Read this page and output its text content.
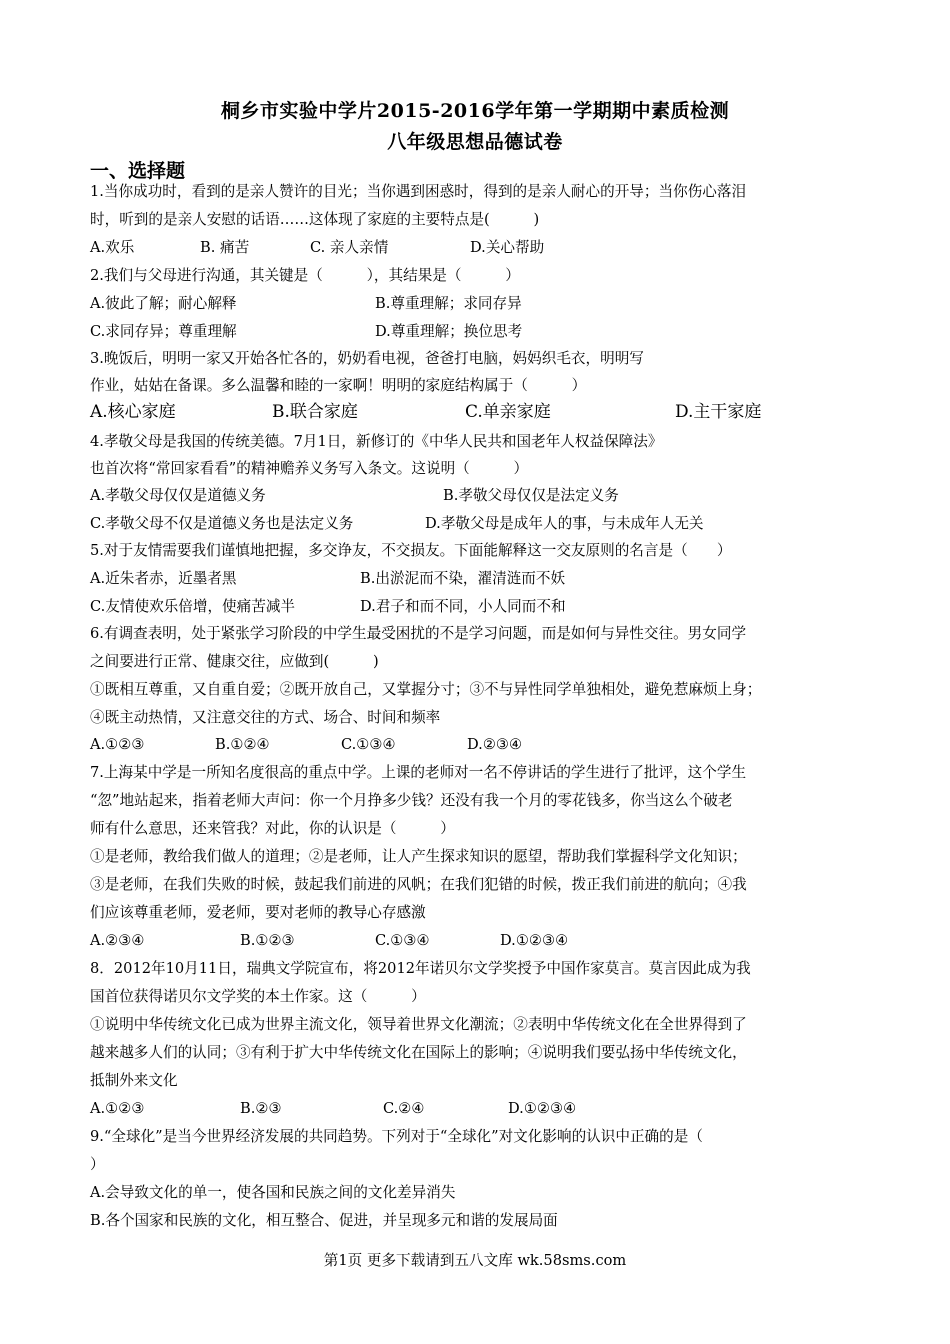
桐乡市实验中学片2015-2016学年第一学期期中素质检测
八年级思想品德试卷
一、选择题
1.当你成功时，看到的是亲人赞许的目光；当你遇到困惑时，得到的是亲人耐心的开导；当你伤心落泪
时，听到的是亲人安慰的话语……这体现了家庭的主要特点是(　　　)
A.欢乐	B. 痛苦	C. 亲人亲情	D.关心帮助
2.我们与父母进行沟通，其关键是（　　　），其结果是（　　　）
A.彼此了解；耐心解释	B.尊重理解；求同存异
C.求同存异；尊重理解	D.尊重理解；换位思考
3.晚饭后，明明一家又开始各忙各的，奶奶看电视，爸爸打电脑，妈妈织毛衣，明明写
作业，姑姑在备课。多么温馨和睦的一家啊！明明的家庭结构属于（　　　）
A.核心家庭	B.联合家庭	C.单亲家庭	D.主干家庭
4.孝敬父母是我国的传统美德。7月1日，新修订的《中华人民共和国老年人权益保障法》
也首次将“常回家看看”的精神赡养义务写入条文。这说明（　　　）
A.孝敬父母仅仅是道德义务	B.孝敬父母仅仅是法定义务
C.孝敬父母不仅是道德义务也是法定义务	D.孝敬父母是成年人的事，与未成年人无关
5.对于友情需要我们谨慎地把握，多交诤友，不交损友。下面能解释这一交友原则的名言是（　　）
A.近朱者赤，近墨者黑	B.出淤泥而不染，濯清涟而不妖
C.友情使欢乐倍增，使痛苦减半	D.君子和而不同，小人同而不和
6.有调查表明，处于紧张学习阶段的中学生最受困扰的不是学习问题，而是如何与异性交往。男女同学
之间要进行正常、健康交往，应做到(　　　)
①既相互尊重，又自重自爱；②既开放自己，又掌握分寸；③不与异性同学单独相处，避免惹麻烦上身；
④既主动热情，又注意交往的方式、场合、时间和频率
A.①②③	B.①②④	C.①③④	D.②③④
7.上海某中学是一所知名度很高的重点中学。上课的老师对一名不停讲话的学生进行了批评，这个学生
“忽”地站起来，指着老师大声问：你一个月挣多少钱？还没有我一个月的零花钱多，你当这么个破老
师有什么意思，还来管我？对此，你的认识是（　　　）
①是老师，教给我们做人的道理；②是老师，让人产生探求知识的愿望，帮助我们掌握科学文化知识；
③是老师，在我们失败的时候，鼓起我们前进的风帆；在我们犯错的时候，拨正我们前进的航向；④我
们应该尊重老师，爱老师，要对老师的教导心存感激
A.②③④	B.①②③	C.①③④	D.①②③④
8．2012年10月11日，瑞典文学院宣布，将2012年诺贝尔文学奖授予中国作家莫言。莫言因此成为我
国首位获得诺贝尔文学奖的本土作家。这（　　　）
①说明中华传统文化已成为世界主流文化，领导着世界文化潮流；②表明中华传统文化在全世界得到了
越来越多人们的认同；③有利于扩大中华传统文化在国际上的影响；④说明我们要弘扬中华传统文化，
抵制外来文化
A.①②③	B.②③	C.②④	D.①②③④
9.“全球化”是当今世界经济发展的共同趋势。下列对于“全球化”对文化影响的认识中正确的是（
）
A.会导致文化的单一，使各国和民族之间的文化差异消失
B.各个国家和民族的文化，相互整合、促进，并呈现多元和谐的发展局面
第1页 更多下载请到五八文库 wk.58sms.com
